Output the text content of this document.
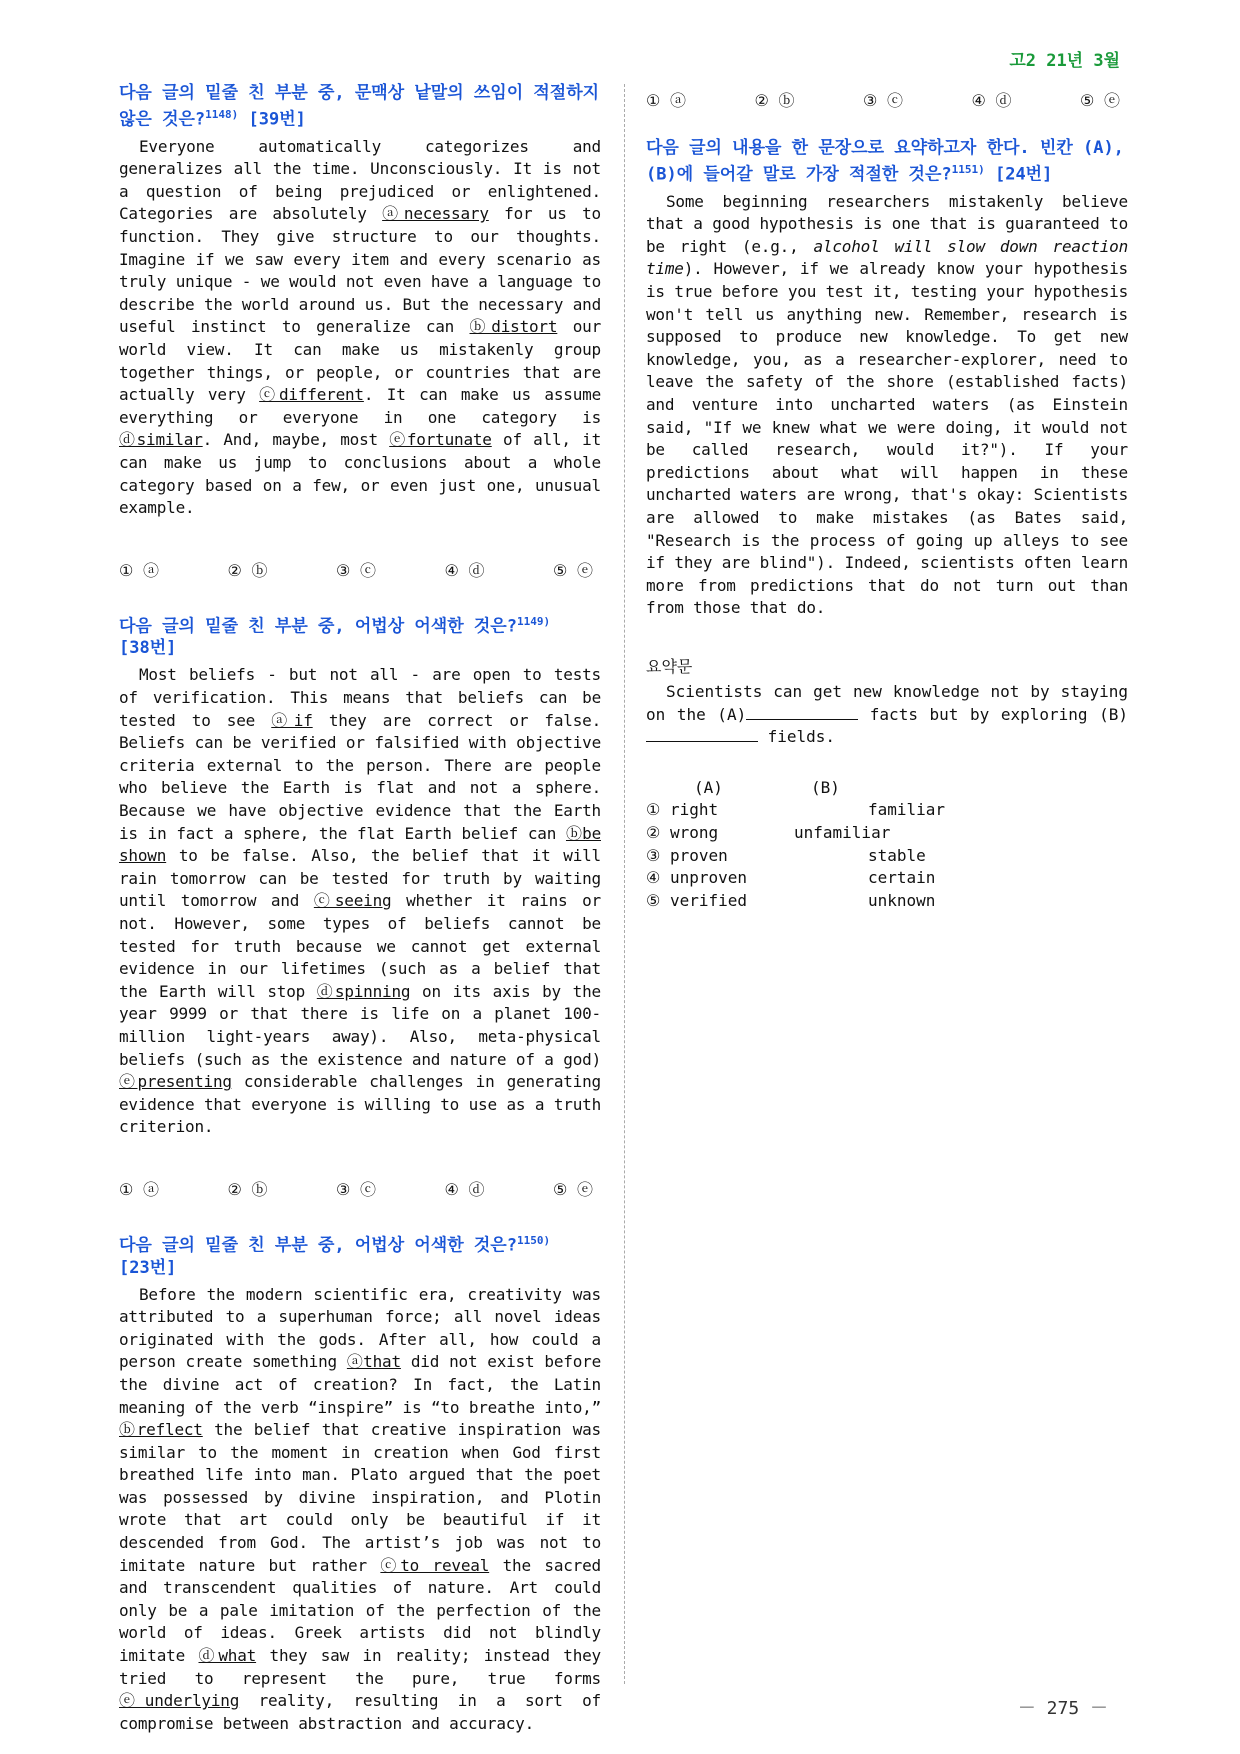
고2 21년 3월
다음 글의 밑줄 친 부분 중, 문맥상 낱말의 쓰임이 적절하지 않은 것은?$^{1148)}$ [39번]

Everyone automatically categorizes and generalizes all the time. Unconsciously. It is not a question of being prejudiced or enlightened. Categories are absolutely ⓐnecessary for us to function. They give structure to our thoughts. Imagine if we saw every item and every scenario as truly unique - we would not even have a language to describe the world around us. But the necessary and useful instinct to generalize can ⓑdistort our world view. It can make us mistakenly group together things, or people, or countries that are actually very ⓒdifferent. It can make us assume everything or everyone in one category is ⓓsimilar. And, maybe, most ⓔfortunate of all, it can make us jump to conclusions about a whole category based on a few, or even just one, unusual example.

① ⓐ	② ⓑ	③ ⓒ	④ ⓓ	⑤ ⓔ
다음 글의 밑줄 친 부분 중, 어법상 어색한 것은?$^{1149)}$
[38번]

Most beliefs - but not all - are open to tests of verification. This means that beliefs can be tested to see ⓐif they are correct or false. Beliefs can be verified or falsified with objective criteria external to the person. There are people who believe the Earth is flat and not a sphere. Because we have objective evidence that the Earth is in fact a sphere, the flat Earth belief can ⓑbe shown to be false. Also, the belief that it will rain tomorrow can be tested for truth by waiting until tomorrow and ⓒseeing whether it rains or not. However, some types of beliefs cannot be tested for truth because we cannot get external evidence in our lifetimes (such as a belief that the Earth will stop ⓓspinning on its axis by the year 9999 or that there is life on a planet 100-million light-years away). Also, meta-physical beliefs (such as the existence and nature of a god) ⓔpresenting considerable challenges in generating evidence that everyone is willing to use as a truth criterion.

① ⓐ	② ⓑ	③ ⓒ	④ ⓓ	⑤ ⓔ
다음 글의 밑줄 친 부분 중, 어법상 어색한 것은?$^{1150)}$
[23번]

Before the modern scientific era, creativity was attributed to a superhuman force; all novel ideas originated with the gods. After all, how could a person create something ⓐthat did not exist before the divine act of creation? In fact, the Latin meaning of the verb “inspire” is “to breathe into,” ⓑreflect the belief that creative inspiration was similar to the moment in creation when God first breathed life into man. Plato argued that the poet was possessed by divine inspiration, and Plotin wrote that art could only be beautiful if it descended from God. The artist’s job was not to imitate nature but rather ⓒto reveal the sacred and transcendent qualities of nature. Art could only be a pale imitation of the perfection of the world of ideas. Greek artists did not blindly imitate ⓓwhat they saw in reality; instead they tried to represent the pure, true forms ⓔunderlying reality, resulting in a sort of compromise between abstraction and accuracy.

① ⓐ	② ⓑ	③ ⓒ	④ ⓓ	⑤ ⓔ
다음 글의 내용을 한 문장으로 요약하고자 한다. 빈칸 (A), (B)에 들어갈 말로 가장 적절한 것은?$^{1151)}$ [24번]

Some beginning researchers mistakenly believe that a good hypothesis is one that is guaranteed to be right (e.g., alcohol will slow down reaction time). However, if we already know your hypothesis is true before you test it, testing your hypothesis won't tell us anything new. Remember, research is supposed to produce new knowledge. To get new knowledge, you, as a researcher-explorer, need to leave the safety of the shore (established facts) and venture into uncharted waters (as Einstein said, "If we knew what we were doing, it would not be called research, would it?"). If your predictions about what will happen in these uncharted waters are wrong, that's okay: Scientists are allowed to make mistakes (as Bates said, "Research is the process of going up alleys to see if they are blind"). Indeed, scientists often learn more from predictions that do not turn out than from those that do.

요약문

Scientists can get new knowledge not by staying on the (A)	facts but by exploring (B) fields.

(A)	(B)
① right	familiar
② wrong	unfamiliar
③ proven	stable
④ unproven	certain
⑤ verified	unknown
－ 275 －
